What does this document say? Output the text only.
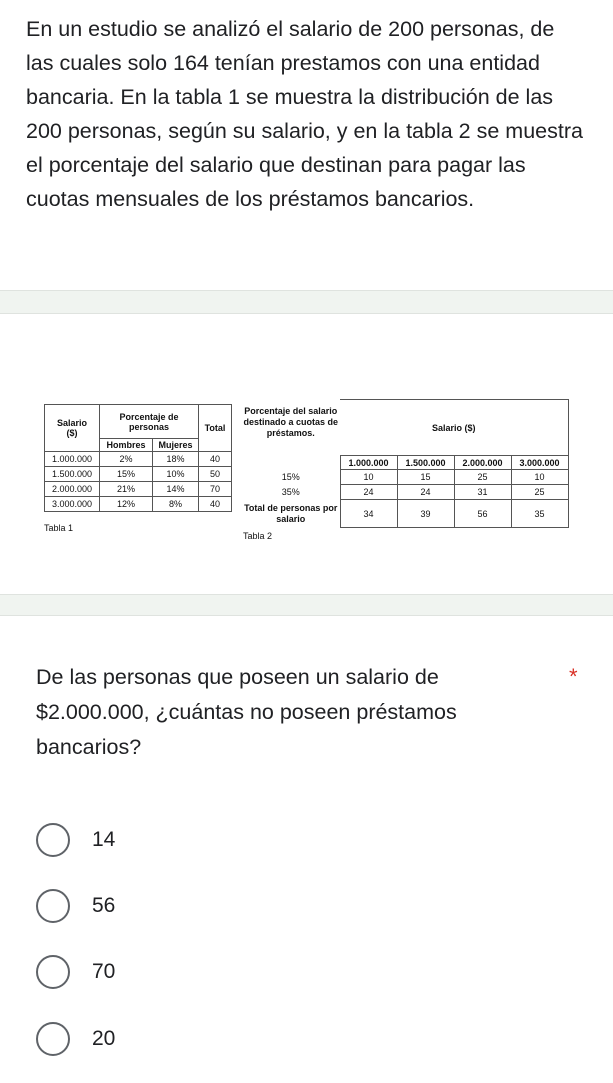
En un estudio se analizó el salario de 200 personas, de las cuales solo 164 tenían prestamos con una entidad bancaria. En la tabla 1 se muestra la distribución de las 200 personas, según su salario, y en la tabla 2 se muestra el porcentaje del salario que destinan para pagar las cuotas mensuales de los préstamos bancarios.

Salario
($)	Porcentaje de personas		Total
	Hombres	Mujeres	
1.000.000	2%	18%	40
1.500.000	15%	10%	50
2.000.000	21%	14%	70
3.000.000	12%	8%	40
Tabla 1
Porcentaje del salario destinado a cuotas de préstamos.	Salario ($)			
	1.000.000	1.500.000	2.000.000	3.000.000
15%	10	15	25	10
35%	24	24	31	25
Total de personas por salario	34	39	56	35
Tabla 2

De las personas que poseen un salario de $2.000.000, ¿cuántas no poseen préstamos bancarios?

*
14
56
70
20
